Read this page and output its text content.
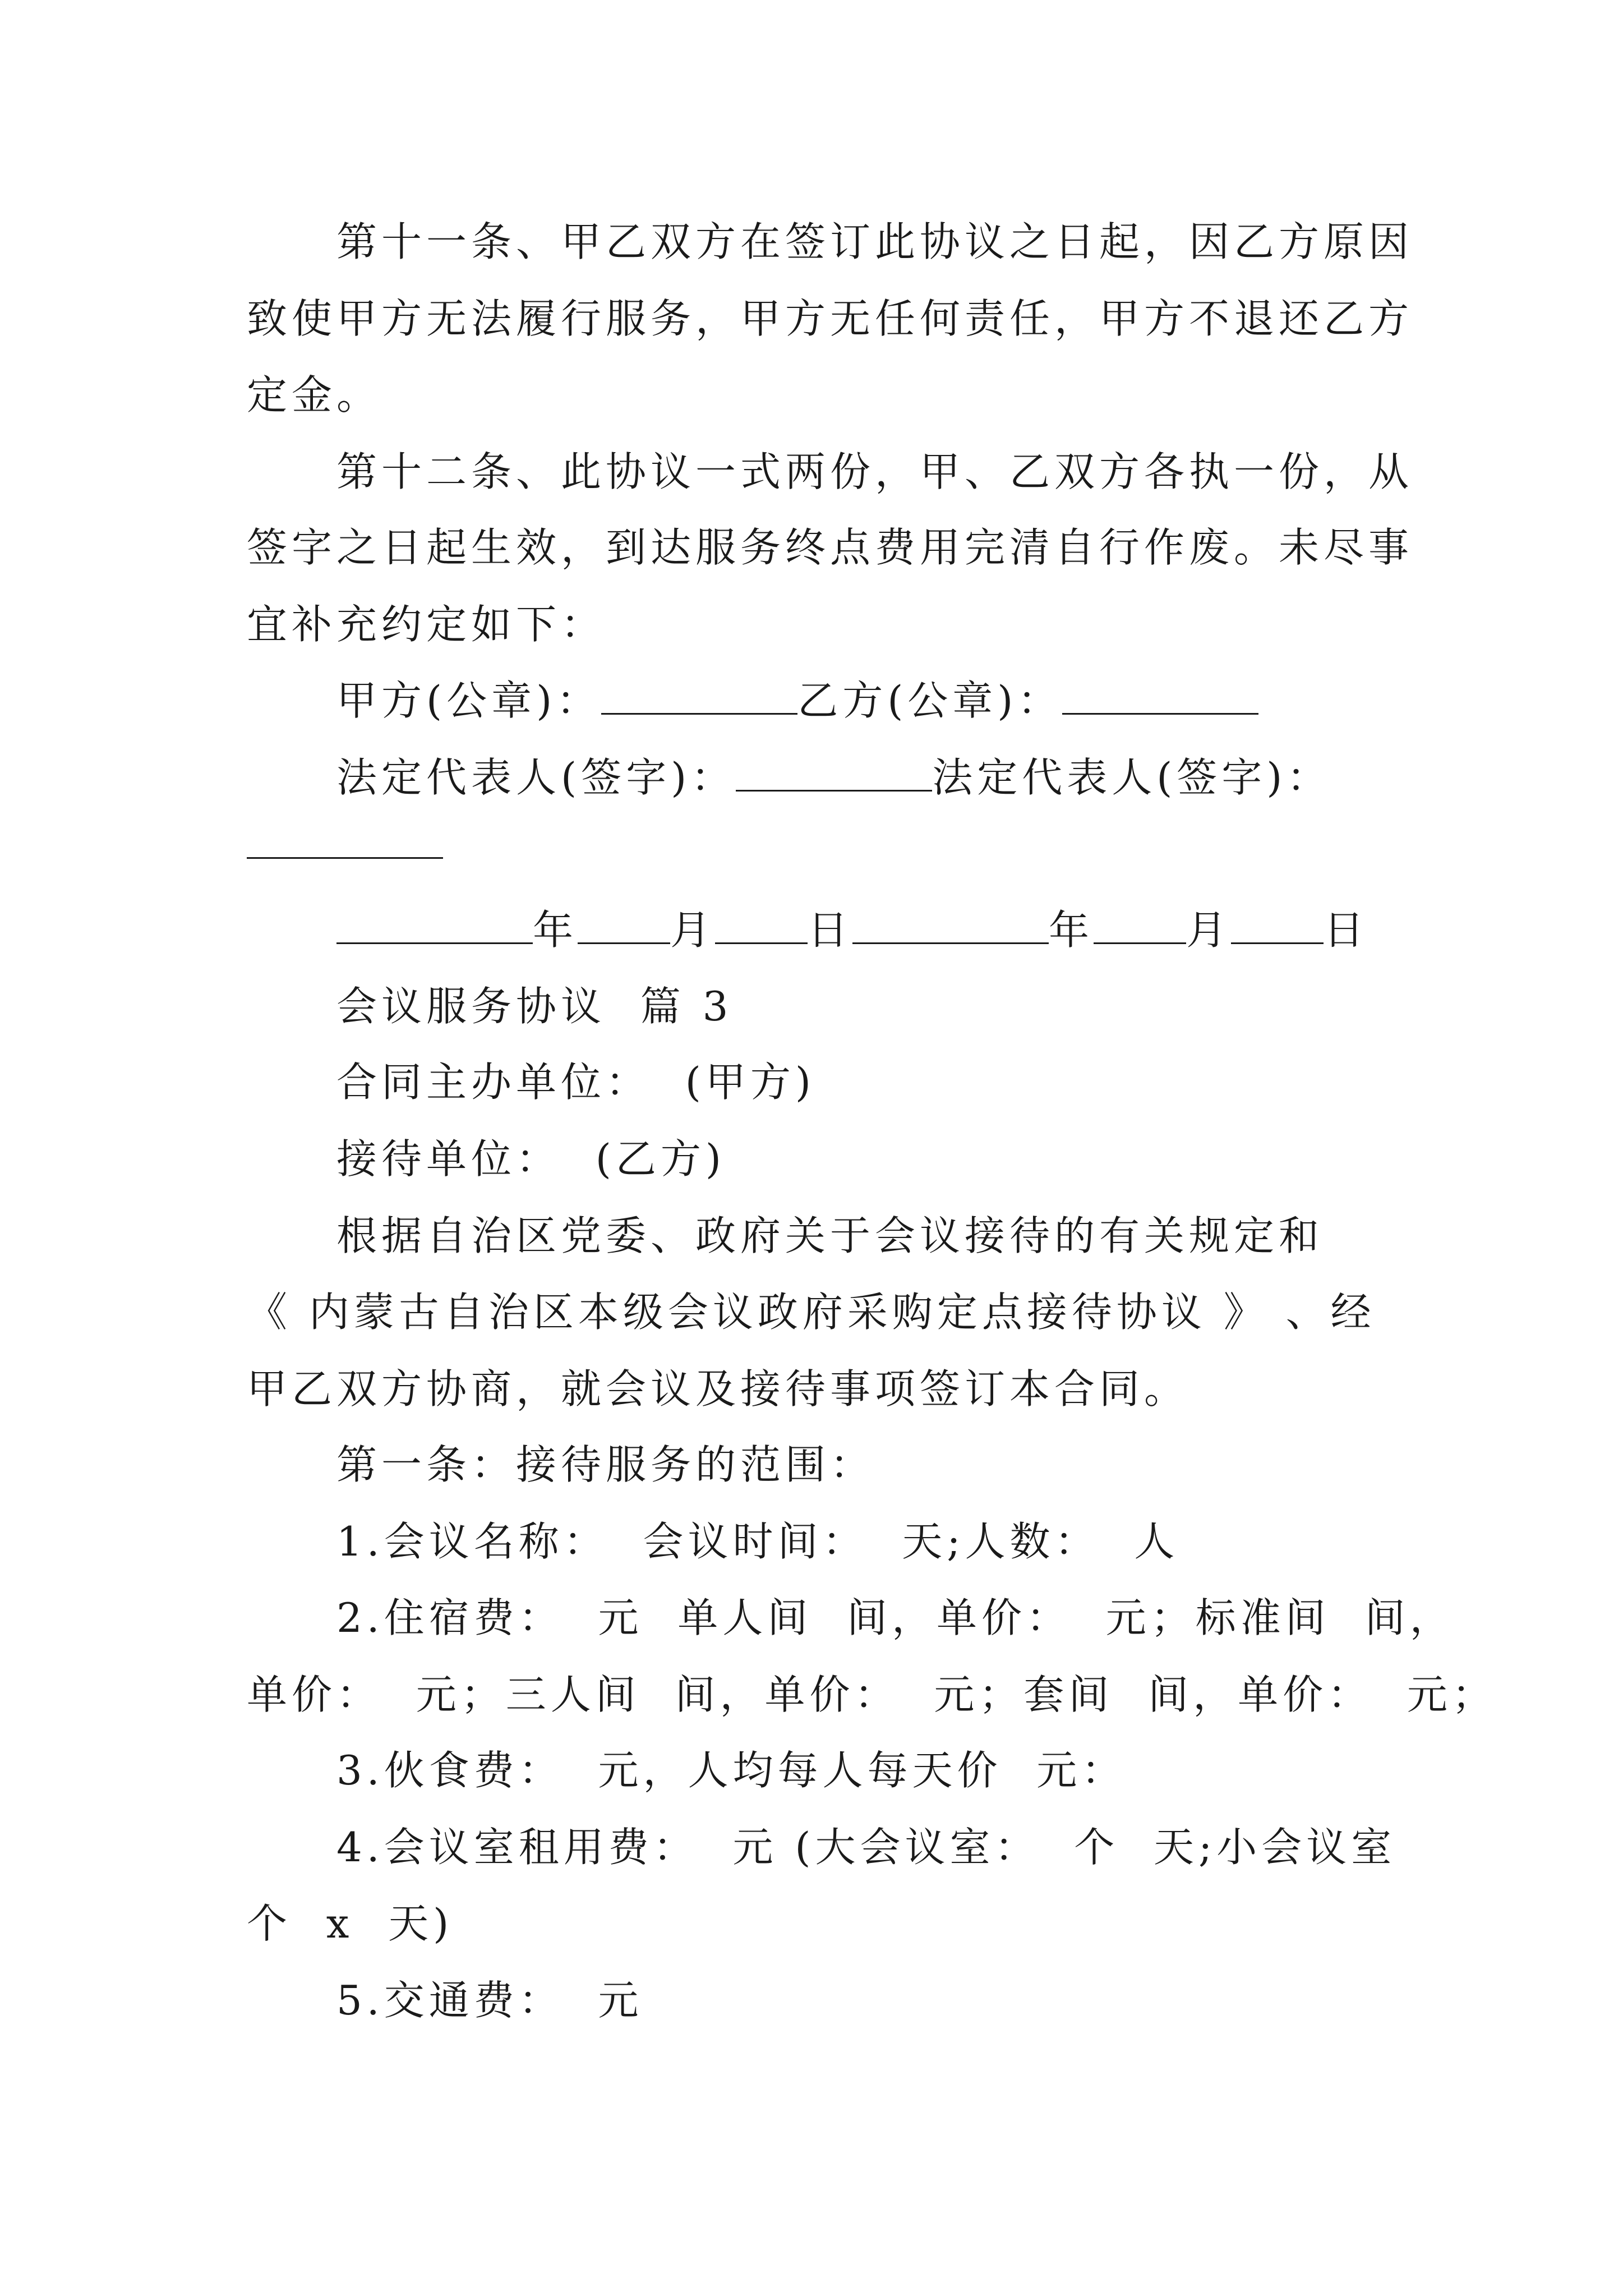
第十一条、甲乙双方在签订此协议之日起，因乙方原因
致使甲方无法履行服务，甲方无任何责任，甲方不退还乙方
定金。
第十二条、此协议一式两份，甲、乙双方各执一份，从
签字之日起生效，到达服务终点费用完清自行作废。未尽事
宜补充约定如下：
甲方(公章)：	乙方(公章)：
法定代表人(签字)：	法定代表人(签字)：
年 月 日	年 月 日
会议服务协议  篇 3
合同主办单位：  (甲方)
接待单位：  (乙方)
根据自治区党委、政府关于会议接待的有关规定和
《 内蒙古自治区本级会议政府采购定点接待协议 》 、经
甲乙双方协商，就会议及接待事项签订本合同。
第一条：接待服务的范围：
1.会议名称：  会议时间：  天;人数：  人
2.住宿费：  元  单人间  间，单价：  元；标准间  间，
单价：  元；三人间  间，单价：  元；套间  间，单价：  元；
3.伙食费：  元，人均每人每天价  元：
4.会议室租用费：  元 (大会议室：  个  天;小会议室
个  x  天)
5.交通费：  元
